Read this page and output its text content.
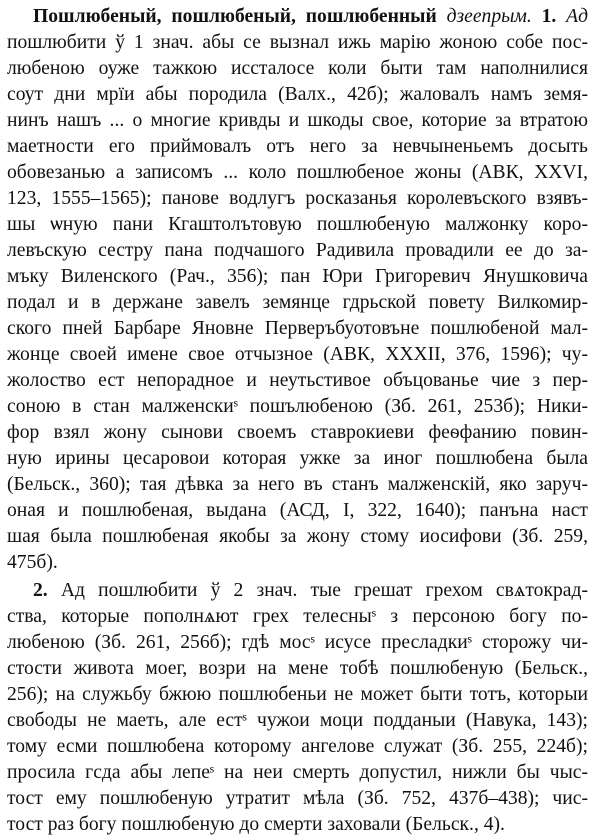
Пошлюбеный, пошлюбеный, пошлюбенный дзеепрым. 1. Ад
пошлюбити ў 1 знач. абы се вызнал ижь марію жоною собе пос-
любеною оуже тажкою иссталосе коли быти там наполнилися
соут дни мрїи абы породила (Валх., 42б); жаловалъ намъ земя-
нинъ нашъ ... о многие кривды и шкоды свое, которие за втратою
маетности его приймовалъ отъ него за невчыненьемъ досыть
обовезанью а записомъ ... коло пошлюбеное жоны (АВК, XXVI,
123, 1555–1565); панове водлугъ росказанья королевъского взявъ-
шы ѡную пани Кгаштолътовую пошлюбеную малжонку коро-
левъскую сестру пана подчашого Радивила провадили ее до за-
мъку Виленского (Рач., 356); пан Юри Григоревич Янушковича
подал и в держане завелъ земянце гдрьской повету Вилкомир-
ского пней Барбаре Яновне Перверъбуотовъне пошлюбеной мал-
жонце своей имене свое отчызное (АВК, XXXII, 376, 1596); чу-
жолоство ест непорадное и неутьстивое объцованье чие з пер-
соною в стан малженскиˢ пошълюбеною (Зб. 261, 253б); Ники-
фор взял жону сынови своемъ ставрокиеви феѳфанию повин-
ную ирины цесаровои которая ужке за иног пошлюбена была
(Бельск., 360); тая дѣвка за него въ станъ малженскій, яко заруч-
оная и пошлюбеная, выдана (АСД, I, 322, 1640); панъна наст
шая была пошлюбеная якобы за жону стому иосифови (Зб. 259,
475б).
2. Ад пошлюбити ў 2 знач. тые грешат грехом свѧтокрад-
ства, которые пополнѧют грех телесныˢ з персоною богу по-
любеною (Зб. 261, 256б); гдѣ мосˢ исусе пресладкиˢ сторожу чи-
стости живота моег, возри на мене тобѣ пошлюбеную (Бельск.,
256); на служьбу бжюю пошлюбеньи не может быти тотъ, которыи
свободы не маеть, але естˢ чужои моци подданыи (Навука, 143);
тому есми пошлюбена которому ангелове служат (Зб. 255, 224б);
просила гсда абы лепеˢ на неи смерть допустил, нижли бы чыс-
тост ему пошлюбеную утратит мѣла (Зб. 752, 437б–438); чис-
тост раз богу пошлюбеную до смерти заховали (Бельск., 4).
